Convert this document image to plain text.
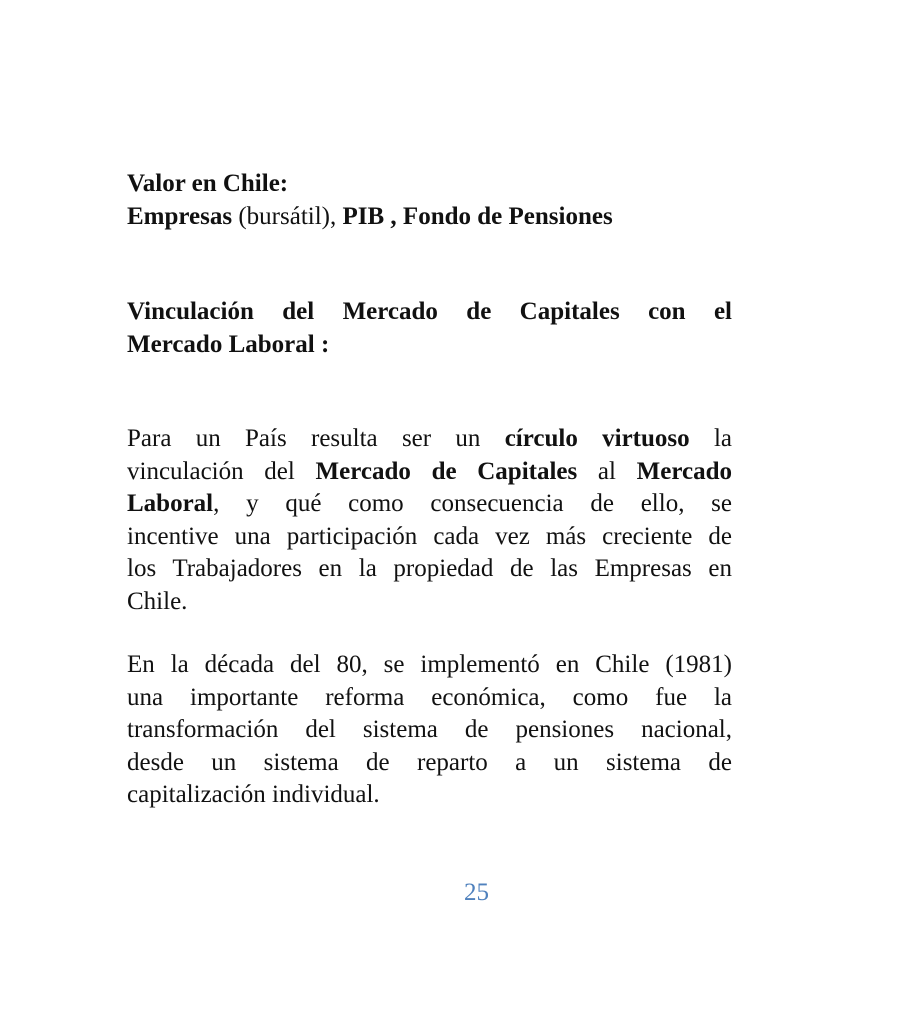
Valor en Chile:
Empresas (bursátil), PIB , Fondo de Pensiones
Vinculación del Mercado de Capitales con el
Mercado Laboral :
Para un País resulta ser un círculo virtuoso la
vinculación del Mercado de Capitales al Mercado
Laboral, y qué como consecuencia de ello, se
incentive una participación cada vez más creciente de
los Trabajadores en la propiedad de las Empresas en
Chile.
En la década del 80, se implementó en Chile (1981)
una importante reforma económica, como fue la
transformación del sistema de pensiones nacional,
desde un sistema de reparto a un sistema de
capitalización individual.
25
